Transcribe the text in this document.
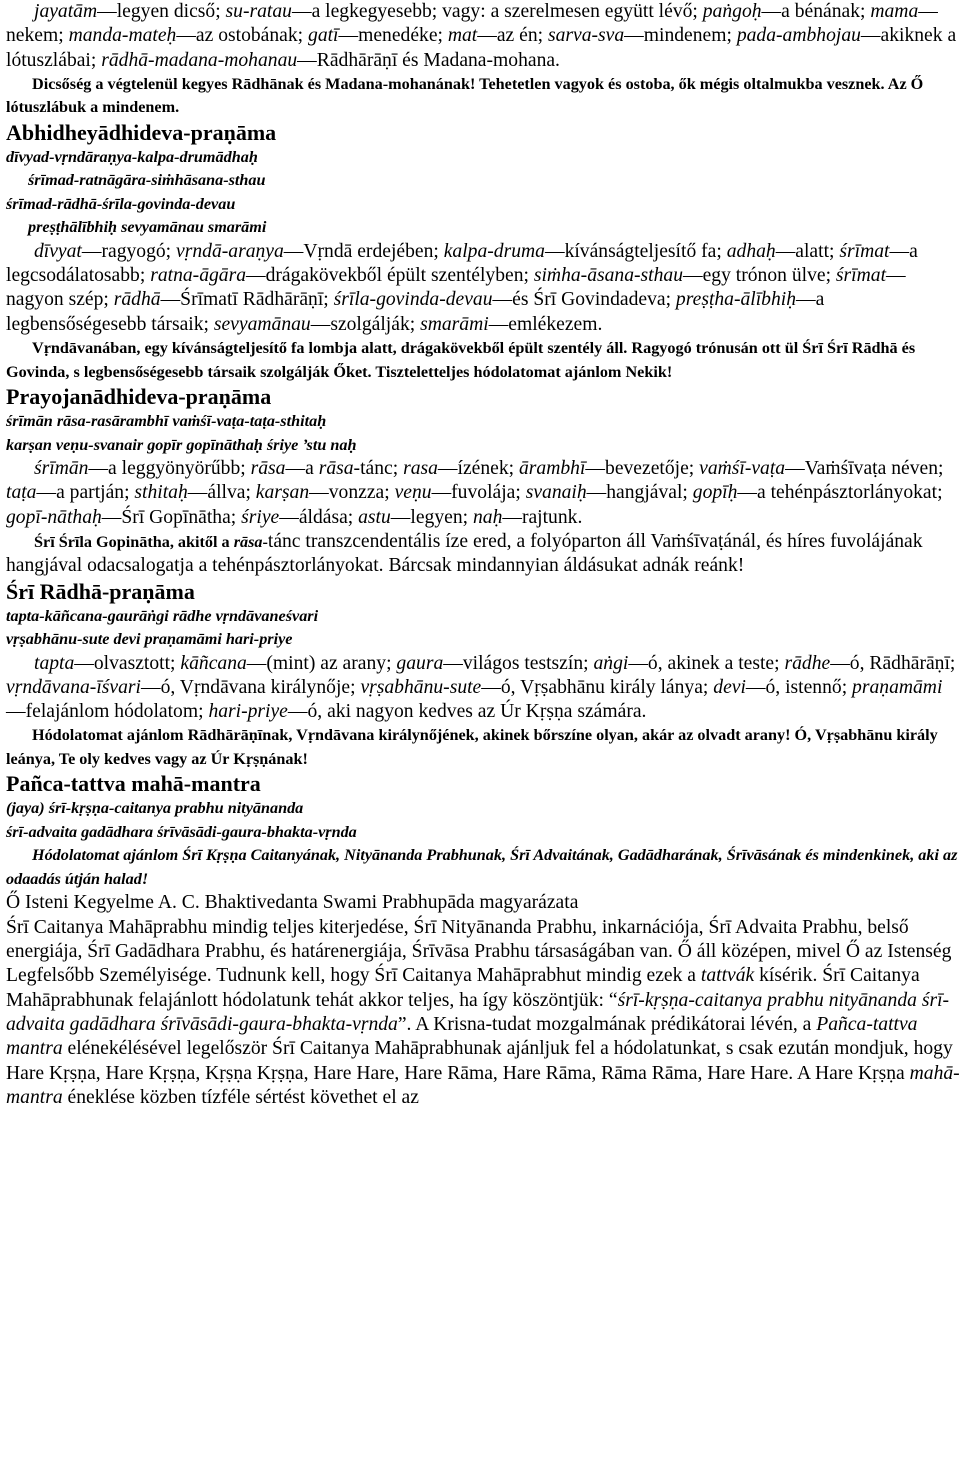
jayatām—legyen dicső; su-ratau—a legkegyesebb; vagy: a szerelmesen együtt lévő; paṅgoḥ—a bénának; mama—nekem; manda-mateḥ—az ostobának; gatī—menedéke; mat—az én; sarva-sva—mindenem; pada-ambhojau—akiknek a lótuszlábai; rādhā-madana-mohanau—Rādhārāṇī és Madana-mohana.

Dicsőség a végtelenül kegyes Rādhānak és Madana-mohanának! Tehetetlen vagyok és ostoba, ők mégis oltalmukba vesznek. Az Ő lótuszlábuk a mindenem.

Abhidheyādhideva-praṇāma

dīvyad-vṛndāraṇya-kalpa-drumādhaḥ

śrīmad-ratnāgāra-siṁhāsana-sthau

śrīmad-rādhā-śrīla-govinda-devau

preṣṭhālībhiḥ sevyamānau smarāmi

dīvyat—ragyogó; vṛndā-araṇya—Vṛndā erdejében; kalpa-druma—kívánságteljesítő fa; adhaḥ—alatt; śrīmat—a legcsodálatosabb; ratna-āgāra—drágakövekből épült szentélyben; siṁha-āsana-sthau—egy trónon ülve; śrīmat—nagyon szép; rādhā—Śrīmatī Rādhārāṇī; śrīla-govinda-devau—és Śrī Govindadeva; preṣṭha-ālībhiḥ—a legbensőségesebb társaik; sevyamānau—szolgálják; smarāmi—emlékezem.

Vṛndāvanában, egy kívánságteljesítő fa lombja alatt, drágakövekből épült szentély áll. Ragyogó trónusán ott ül Śrī Śrī Rādhā és Govinda, s legbensőségesebb társaik szolgálják Őket. Tiszteletteljes hódolatomat ajánlom Nekik!

Prayojanādhideva-praṇāma

śrīmān rāsa-rasārambhī vaṁśī-vaṭa-taṭa-sthitaḥ

karṣan veṇu-svanair gopīr gopīnāthaḥ śriye ’stu naḥ

śrīmān—a leggyönyörűbb; rāsa—a rāsa-tánc; rasa—ízének; ārambhī—bevezetője; vaṁśī-vaṭa—Vaṁśīvaṭa néven; taṭa—a partján; sthitaḥ—állva; karṣan—vonzza; veṇu—fuvolája; svanaiḥ—hangjával; gopīḥ—a tehénpásztorlányokat; gopī-nāthaḥ—Śrī Gopīnātha; śriye—áldása; astu—legyen; naḥ—rajtunk.

Śrī Śrīla Gopinātha, akitől a rāsa-tánc transzcendentális íze ered, a folyóparton áll Vaṁśīvaṭánál, és híres fuvolájának hangjával odacsalogatja a tehénpásztorlányokat. Bárcsak mindannyian áldásukat adnák reánk!

Śrī Rādhā-praṇāma

tapta-kāñcana-gaurāṅgi rādhe vṛndāvaneśvari

vṛṣabhānu-sute devi praṇamāmi hari-priye

tapta—olvasztott; kāñcana—(mint) az arany; gaura—világos testszín; aṅgi—ó, akinek a teste; rādhe—ó, Rādhārāṇī; vṛndāvana-īśvari—ó, Vṛndāvana királynője; vṛṣabhānu-sute—ó, Vṛṣabhānu király lánya; devi—ó, istennő; praṇamāmi—felajánlom hódolatom; hari-priye—ó, aki nagyon kedves az Úr Kṛṣṇa számára.

Hódolatomat ajánlom Rādhārāṇīnak, Vṛndāvana királynőjének, akinek bőrszíne olyan, akár az olvadt arany! Ó, Vṛṣabhānu király leánya, Te oly kedves vagy az Úr Kṛṣṇának!

Pañca-tattva mahā-mantra

(jaya) śrī-kṛṣṇa-caitanya prabhu nityānanda

śrī-advaita gadādhara śrīvāsādi-gaura-bhakta-vṛnda

Hódolatomat ajánlom Śrī Kṛṣṇa Caitanyának, Nityānanda Prabhunak, Śrī Advaitának, Gadādharának, Śrīvāsának és mindenkinek, aki az odaadás útján halad!

Ő Isteni Kegyelme A. C. Bhaktivedanta Swami Prabhupāda magyarázata

Śrī Caitanya Mahāprabhu mindig teljes kiterjedése, Śrī Nityānanda Prabhu, inkarnációja, Śrī Advaita Prabhu, belső energiája, Śrī Gadādhara Prabhu, és határenergiája, Śrīvāsa Prabhu társaságában van. Ő áll középen, mivel Ő az Istenség Legfelsőbb Személyisége. Tudnunk kell, hogy Śrī Caitanya Mahāprabhut mindig ezek a tattvák kísérik. Śrī Caitanya Mahāprabhunak felajánlott hódolatunk tehát akkor teljes, ha így köszöntjük: “śrī-kṛṣṇa-caitanya prabhu nityānanda śrī-advaita gadādhara śrīvāsādi-gaura-bhakta-vṛnda”. A Krisna-tudat mozgalmának prédikátorai lévén, a Pañca-tattva mantra elénekélésével legelőször Śrī Caitanya Mahāprabhunak ajánljuk fel a hódolatunkat, s csak ezután mondjuk, hogy Hare Kṛṣṇa, Hare Kṛṣṇa, Kṛṣṇa Kṛṣṇa, Hare Hare, Hare Rāma, Hare Rāma, Rāma Rāma, Hare Hare. A Hare Kṛṣṇa mahā-mantra éneklése közben tízféle sértést követhet el az
